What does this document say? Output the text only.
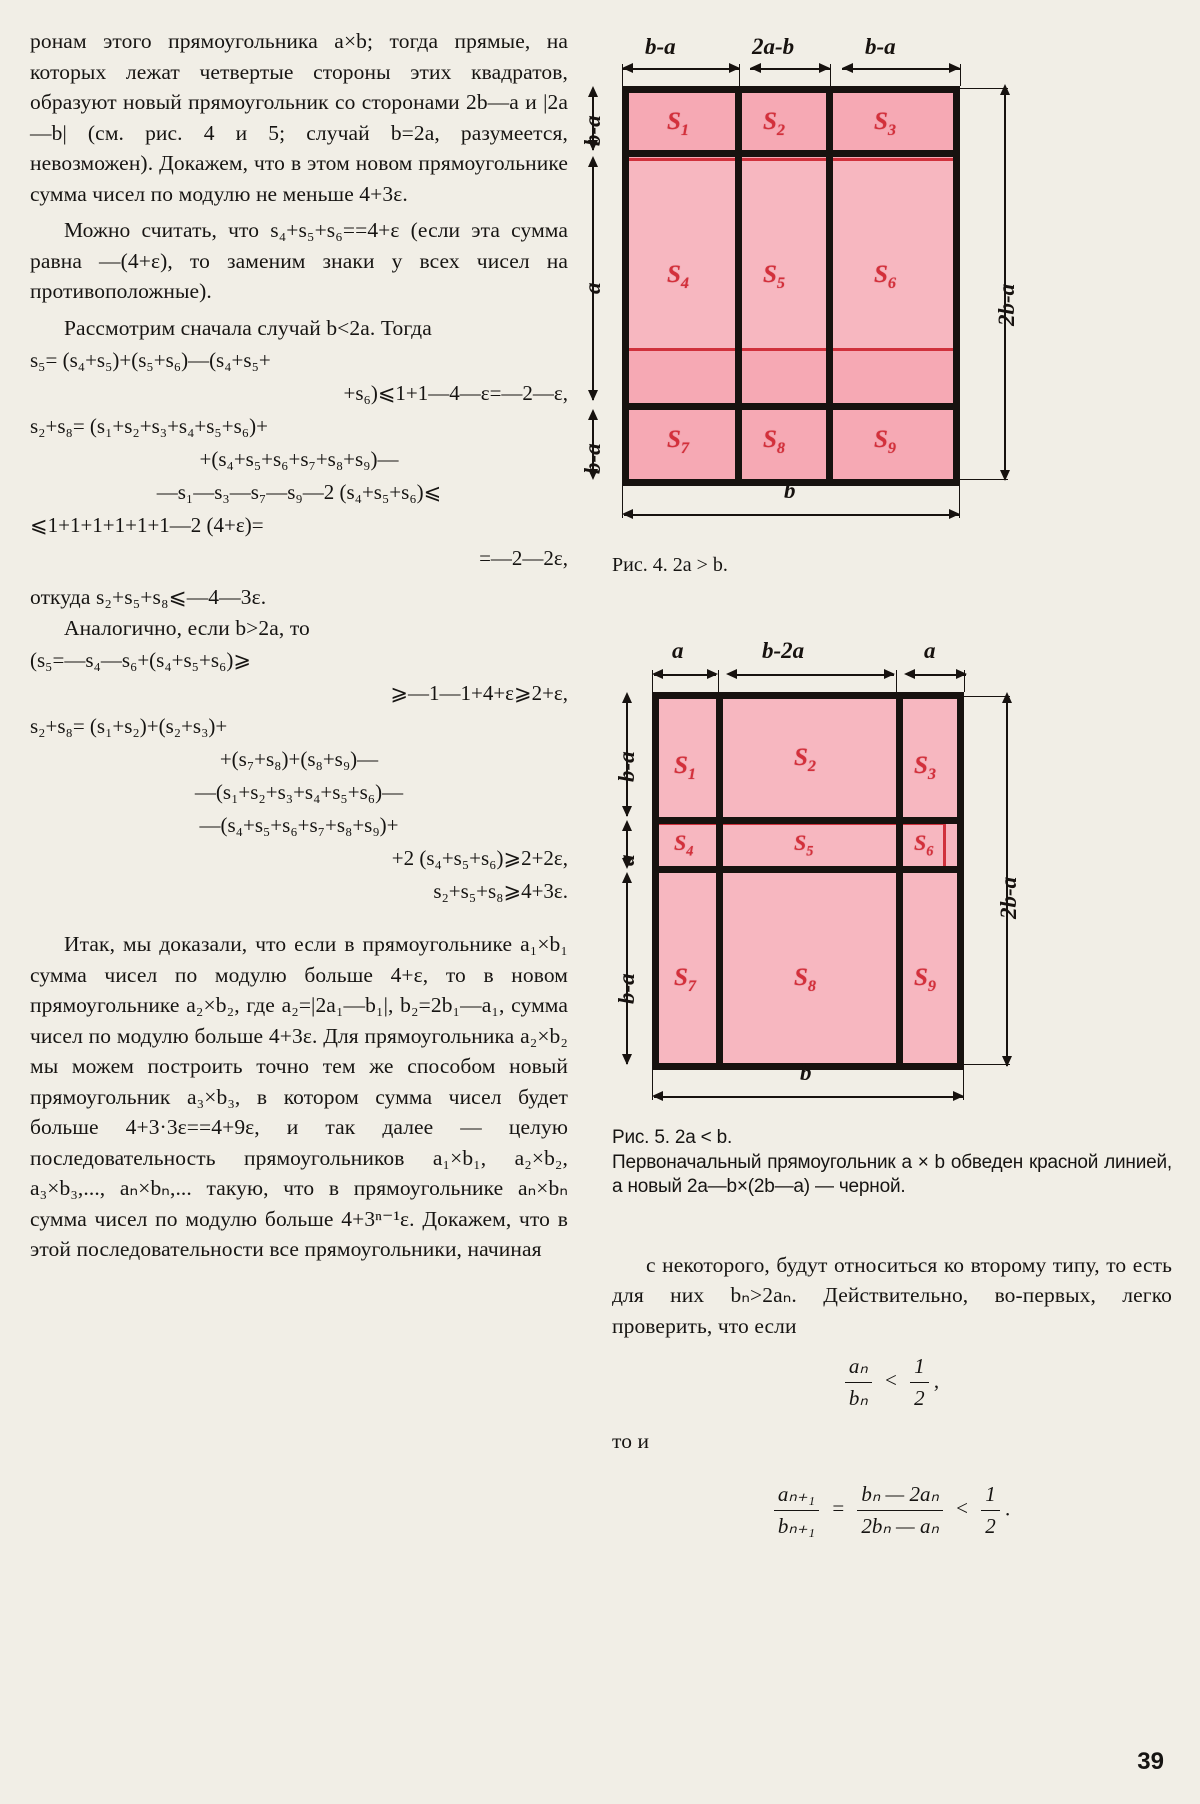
ронам этого прямоугольника a×b; тогда прямые, на которых лежат четвертые стороны этих квадратов, образуют новый прямоугольник со сторонами 2b—a и |2a—b| (см. рис. 4 и 5; случай b=2a, разумеется, невозможен). Докажем, что в этом новом прямоугольнике сумма чисел по модулю не меньше 4+3ε.

Можно считать, что s₄+s₅+s₆==4+ε (если эта сумма равна —(4+ε), то заменим знаки у всех чисел на противоположные).

Рассмотрим сначала случай b<2a. Тогда

s₅= (s₄+s₅)+(s₅+s₆)—(s₄+s₅+
+s₆)⩽1+1—4—ε=—2—ε,
s₂+s₈= (s₁+s₂+s₃+s₄+s₅+s₆)+
+(s₄+s₅+s₆+s₇+s₈+s₉)—
—s₁—s₃—s₇—s₉—2 (s₄+s₅+s₆)⩽
⩽1+1+1+1+1+1—2 (4+ε)=
=—2—2ε,

откуда s₂+s₅+s₈⩽—4—3ε.

Аналогично, если b>2a, то

(s₅=—s₄—s₆+(s₄+s₅+s₆)⩾
⩾—1—1+4+ε⩾2+ε,
s₂+s₈= (s₁+s₂)+(s₂+s₃)+
+(s₇+s₈)+(s₈+s₉)—
—(s₁+s₂+s₃+s₄+s₅+s₆)—
—(s₄+s₅+s₆+s₇+s₈+s₉)+
+2 (s₄+s₅+s₆)⩾2+2ε,
s₂+s₅+s₈⩾4+3ε.

Итак, мы доказали, что если в прямоугольнике a₁×b₁ сумма чисел по модулю больше 4+ε, то в новом прямоугольнике a₂×b₂, где a₂=|2a₁—b₁|, b₂=2b₁—a₁, сумма чисел по модулю больше 4+3ε. Для прямоугольника a₂×b₂ мы можем построить точно тем же способом новый прямоугольник a₃×b₃, в котором сумма чисел будет больше 4+3·3ε==4+9ε, и так далее — целую последовательность прямоугольников a₁×b₁, a₂×b₂, a₃×b₃,..., aₙ×bₙ,... такую, что в прямоугольнике aₙ×bₙ сумма чисел по модулю больше 4+3ⁿ⁻¹ε. Докажем, что в этой последовательности все прямоугольники, начиная

b-a	2a-b	b-a
$S_1$	$S_2$	$S_3$
$S_4$	$S_5$	$S_6$
$S_7$	$S_8$	$S_9$
b-a
a
b-a
2b-a
b
Рис. 4. 2a > b.
a	b-2a	a
$S_1$
$S_2$	$S_3$
$S_4$	$S_5$	$S_6$
$S_7$	$S_8$	$S_9$
b-a
a
b-a
2b-a
b
Рис. 5. 2a < b.
Первоначальный прямоугольник a × b обведен красной линией, а новый 2a—b×(2b—a) — черной.

с некоторого, будут относиться ко второму типу, то есть для них bₙ>2aₙ. Действительно, во-первых, легко проверить, что если

$\frac{\text{aₙ}}{\text{bₙ}} < \frac{1}{2}$ ,

то и

$\frac{\text{aₙ₊₁}}{\text{bₙ₊₁}} = \frac{\text{bₙ — 2aₙ}}{\text{2bₙ — aₙ}} < \frac{1}{2}$ .
39
